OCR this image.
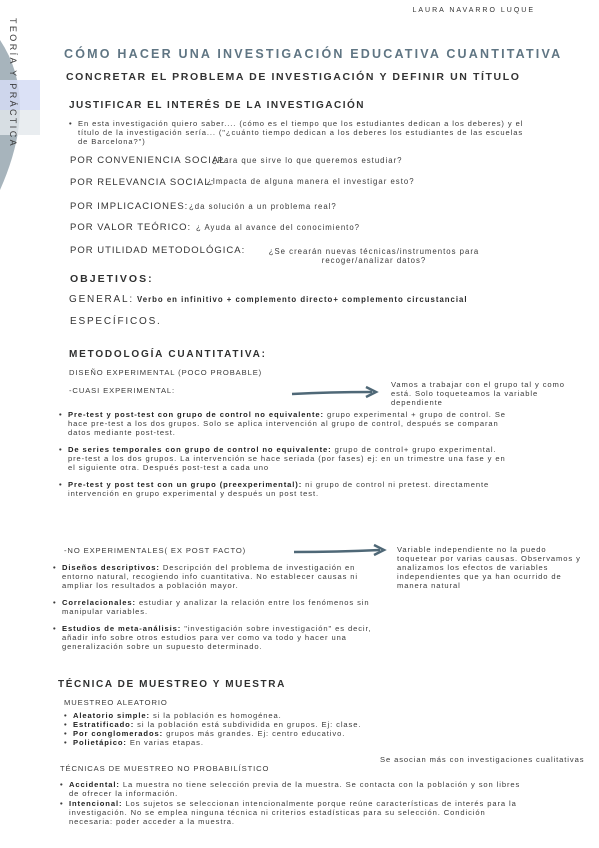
TEORÍA Y PRÁCTICA
LAURA NAVARRO LUQUE
CÓMO HACER UNA INVESTIGACIÓN EDUCATIVA CUANTITATIVA
CONCRETAR EL PROBLEMA DE INVESTIGACIÓN Y DEFINIR UN TÍTULO
JUSTIFICAR EL INTERÉS DE LA INVESTIGACIÓN
• En esta investigación quiero saber.... (cómo es el tiempo que los estudiantes dedican a los deberes) y el título de la investigación sería... ("¿cuánto tiempo dedican a los deberes los estudiantes de las escuelas de Barcelona?")
POR CONVENIENCIA SOCIAL:
¿Para que sirve lo que queremos estudiar?
POR RELEVANCIA SOCIAL:
¿Impacta de alguna manera el investigar esto?
POR IMPLICACIONES: ¿da solución a un problema real?
POR VALOR TEÓRICO: ¿ Ayuda al avance del conocimiento?
POR UTILIDAD METODOLÓGICA:	¿Se crearán nuevas técnicas/instrumentos para recoger/analizar datos?
OBJETIVOS:
GENERAL: Verbo en infinitivo + complemento directo+ complemento circustancial
ESPECÍFICOS.
METODOLOGÍA CUANTITATIVA:
DISEÑO EXPERIMENTAL (POCO PROBABLE)
-CUASI EXPERIMENTAL:
Vamos a trabajar con el grupo tal y como está. Solo toqueteamos la variable dependiente
• Pre-test y post-test con grupo de control no equivalente: grupo experimental + grupo de control. Se hace pre-test a los dos grupos. Solo se aplica intervención al grupo de control, después se comparan datos mediante post-test.
• De series temporales con grupo de control no equivalente: grupo de control+ grupo experimental. pre-test a los dos grupos. La intervención se hace seriada (por fases) ej: en un trimestre una fase y en el siguiente otra. Después post-test a cada uno
• Pre-test y post test con un grupo (preexperimental): ni grupo de control ni pretest. directamente intervención en grupo experimental y después un post test.
-NO EXPERIMENTALES( EX POST FACTO)	Variable independiente no la puedo toquetear por varias causas. Observamos y analizamos los efectos de variables independientes que ya han ocurrido de manera natural
• Diseños descriptivos: Descripción del problema de investigación en entorno natural, recogiendo info cuantitativa. No establecer causas ni ampliar los resultados a población mayor.
• Correlacionales: estudiar y analizar la relación entre los fenómenos sin manipular variables.
• Estudios de meta-análisis: "investigación sobre investigación" es decir, añadir info sobre otros estudios para ver como va todo y hacer una generalización sobre un supuesto determinado.
TÉCNICA DE MUESTREO Y MUESTRA
MUESTREO ALEATORIO
• Aleatorio simple: si la población es homogénea.
• Estratificado: si la población está subdividida en grupos. Ej: clase.
• Por conglomerados: grupos más grandes. Ej: centro educativo.
• Polietápico: En varias etapas.
TÉCNICAS DE MUESTREO NO PROBABILÍSTICO
Se asocian más con investigaciones cualitativas
• Accidental: La muestra no tiene selección previa de la muestra. Se contacta con la población y son libres de ofrecer la información.
• Intencional: Los sujetos se seleccionan intencionalmente porque reúne características de interés para la investigación. No se emplea ninguna técnica ni criterios estadísticas para su selección. Condición necesaria: poder acceder a la muestra.
